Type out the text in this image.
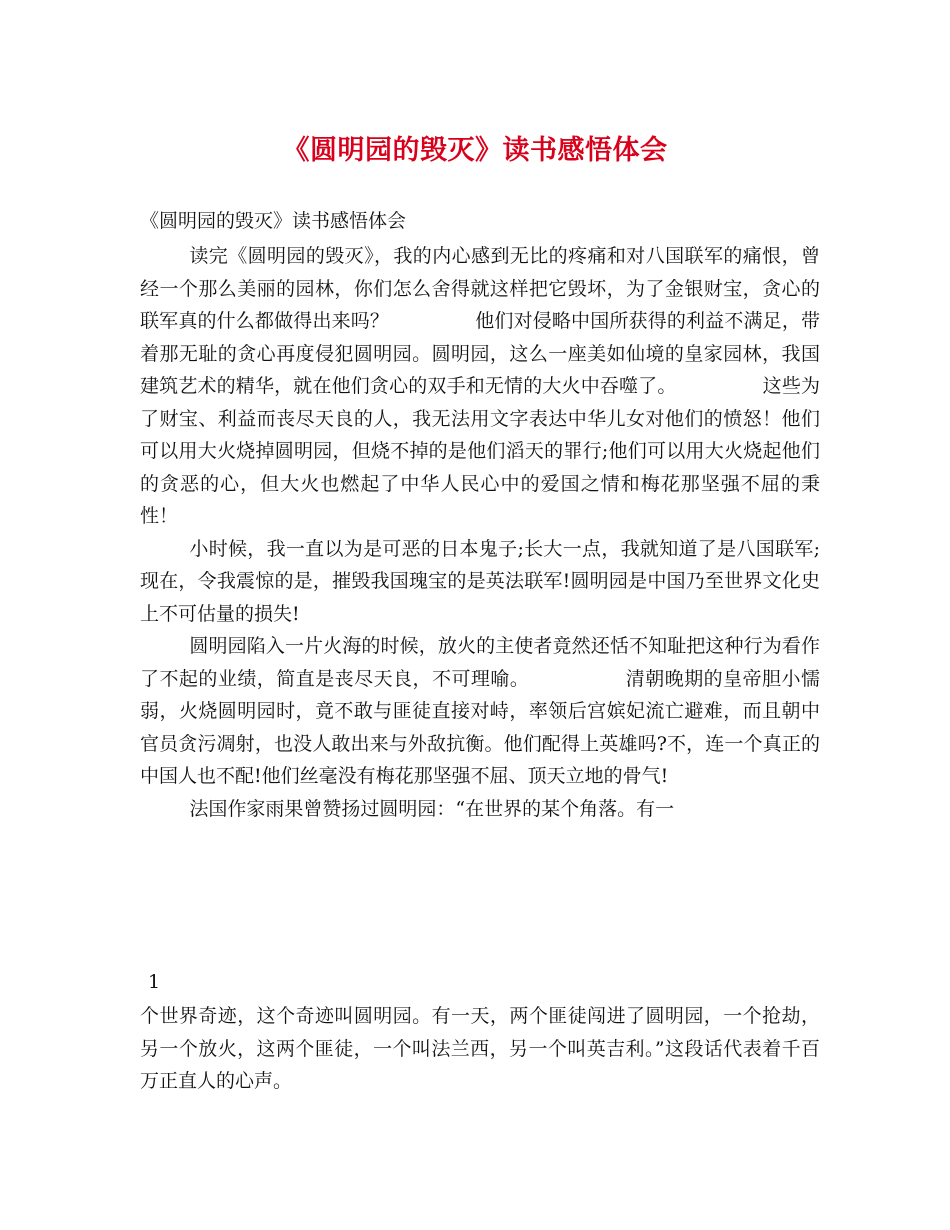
《圆明园的毁灭》读书感悟体会
《圆明园的毁灭》读书感悟体会

读完《圆明园的毁灭》，我的内心感到无比的疼痛和对八国联军的痛恨，曾经一个那么美丽的园林，你们怎么舍得就这样把它毁坏，为了金银财宝，贪心的联军真的什么都做得出来吗？	他们对侵略中国所获得的利益不满足，带着那无耻的贪心再度侵犯圆明园。圆明园，这么一座美如仙境的皇家园林，我国建筑艺术的精华，就在他们贪心的双手和无情的大火中吞噬了。	这些为了财宝、利益而丧尽天良的人，我无法用文字表达中华儿女对他们的愤怒！他们可以用大火烧掉圆明园，但烧不掉的是他们滔天的罪行;他们可以用大火烧起他们的贪恶的心，但大火也燃起了中华人民心中的爱国之情和梅花那坚强不屈的秉性！

小时候，我一直以为是可恶的日本鬼子;长大一点，我就知道了是八国联军;现在，令我震惊的是，摧毁我国瑰宝的是英法联军!圆明园是中国乃至世界文化史上不可估量的损失!

圆明园陷入一片火海的时候，放火的主使者竟然还恬不知耻把这种行为看作了不起的业绩，简直是丧尽天良，不可理喻。	清朝晚期的皇帝胆小懦弱，火烧圆明园时，竟不敢与匪徒直接对峙，率领后宫嫔妃流亡避难，而且朝中官员贪污凋射，也没人敢出来与外敌抗衡。他们配得上英雄吗?不，连一个真正的中国人也不配!他们丝毫没有梅花那坚强不屈、顶天立地的骨气!

法国作家雨果曾赞扬过圆明园：“在世界的某个角落。有一

1

个世界奇迹，这个奇迹叫圆明园。有一天，两个匪徒闯进了圆明园，一个抢劫，另一个放火，这两个匪徒，一个叫法兰西，另一个叫英吉利。”这段话代表着千百万正直人的心声。
